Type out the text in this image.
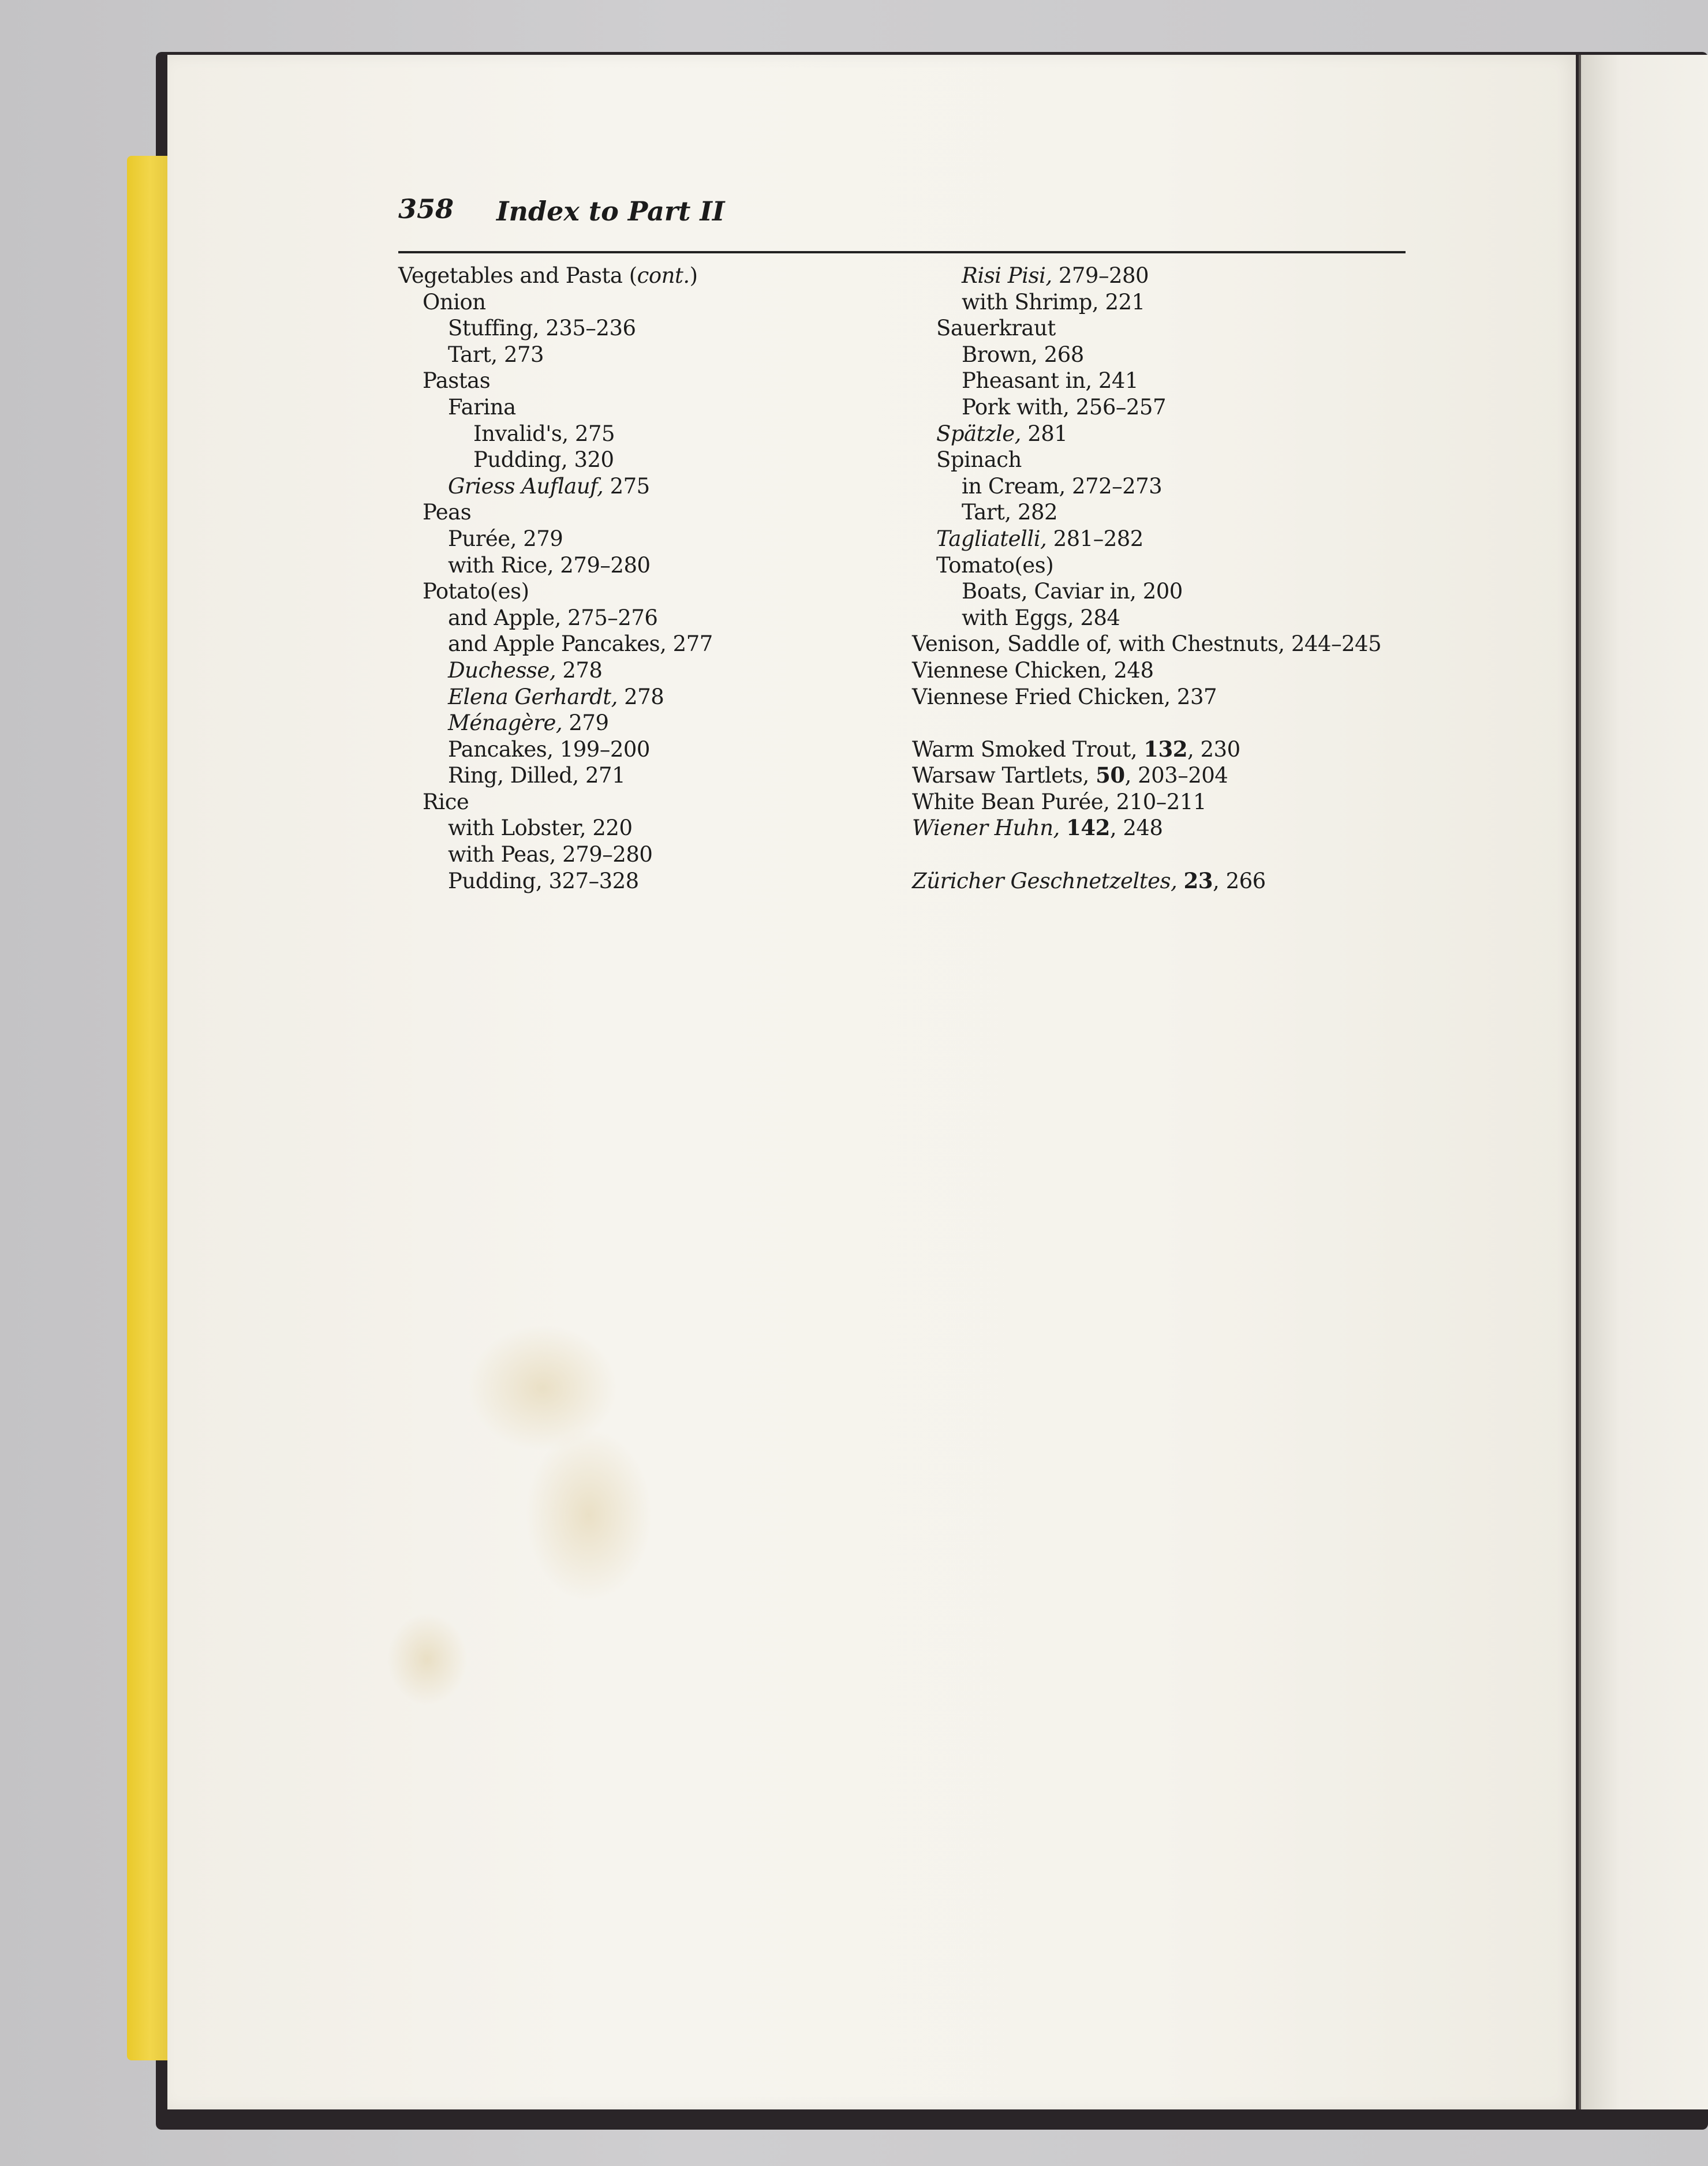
358 Index to Part II
Vegetables and Pasta (cont.)
Onion
Stuffing, 235–236
Tart, 273
Pastas
Farina
Invalid's, 275
Pudding, 320
Griess Auflauf, 275
Peas
Purée, 279
with Rice, 279–280
Potato(es)
and Apple, 275–276
and Apple Pancakes, 277
Duchesse, 278
Elena Gerhardt, 278
Ménagère, 279
Pancakes, 199–200
Ring, Dilled, 271
Rice
with Lobster, 220
with Peas, 279–280
Pudding, 327–328
Risi Pisi, 279–280
with Shrimp, 221
Sauerkraut
Brown, 268
Pheasant in, 241
Pork with, 256–257
Spätzle, 281
Spinach
in Cream, 272–273
Tart, 282
Tagliatelli, 281–282
Tomato(es)
Boats, Caviar in, 200
with Eggs, 284
Venison, Saddle of, with Chestnuts, 244–245
Viennese Chicken, 248
Viennese Fried Chicken, 237
Warm Smoked Trout, 132, 230
Warsaw Tartlets, 50, 203–204
White Bean Purée, 210–211
Wiener Huhn, 142, 248
Züricher Geschnetzeltes, 23, 266
